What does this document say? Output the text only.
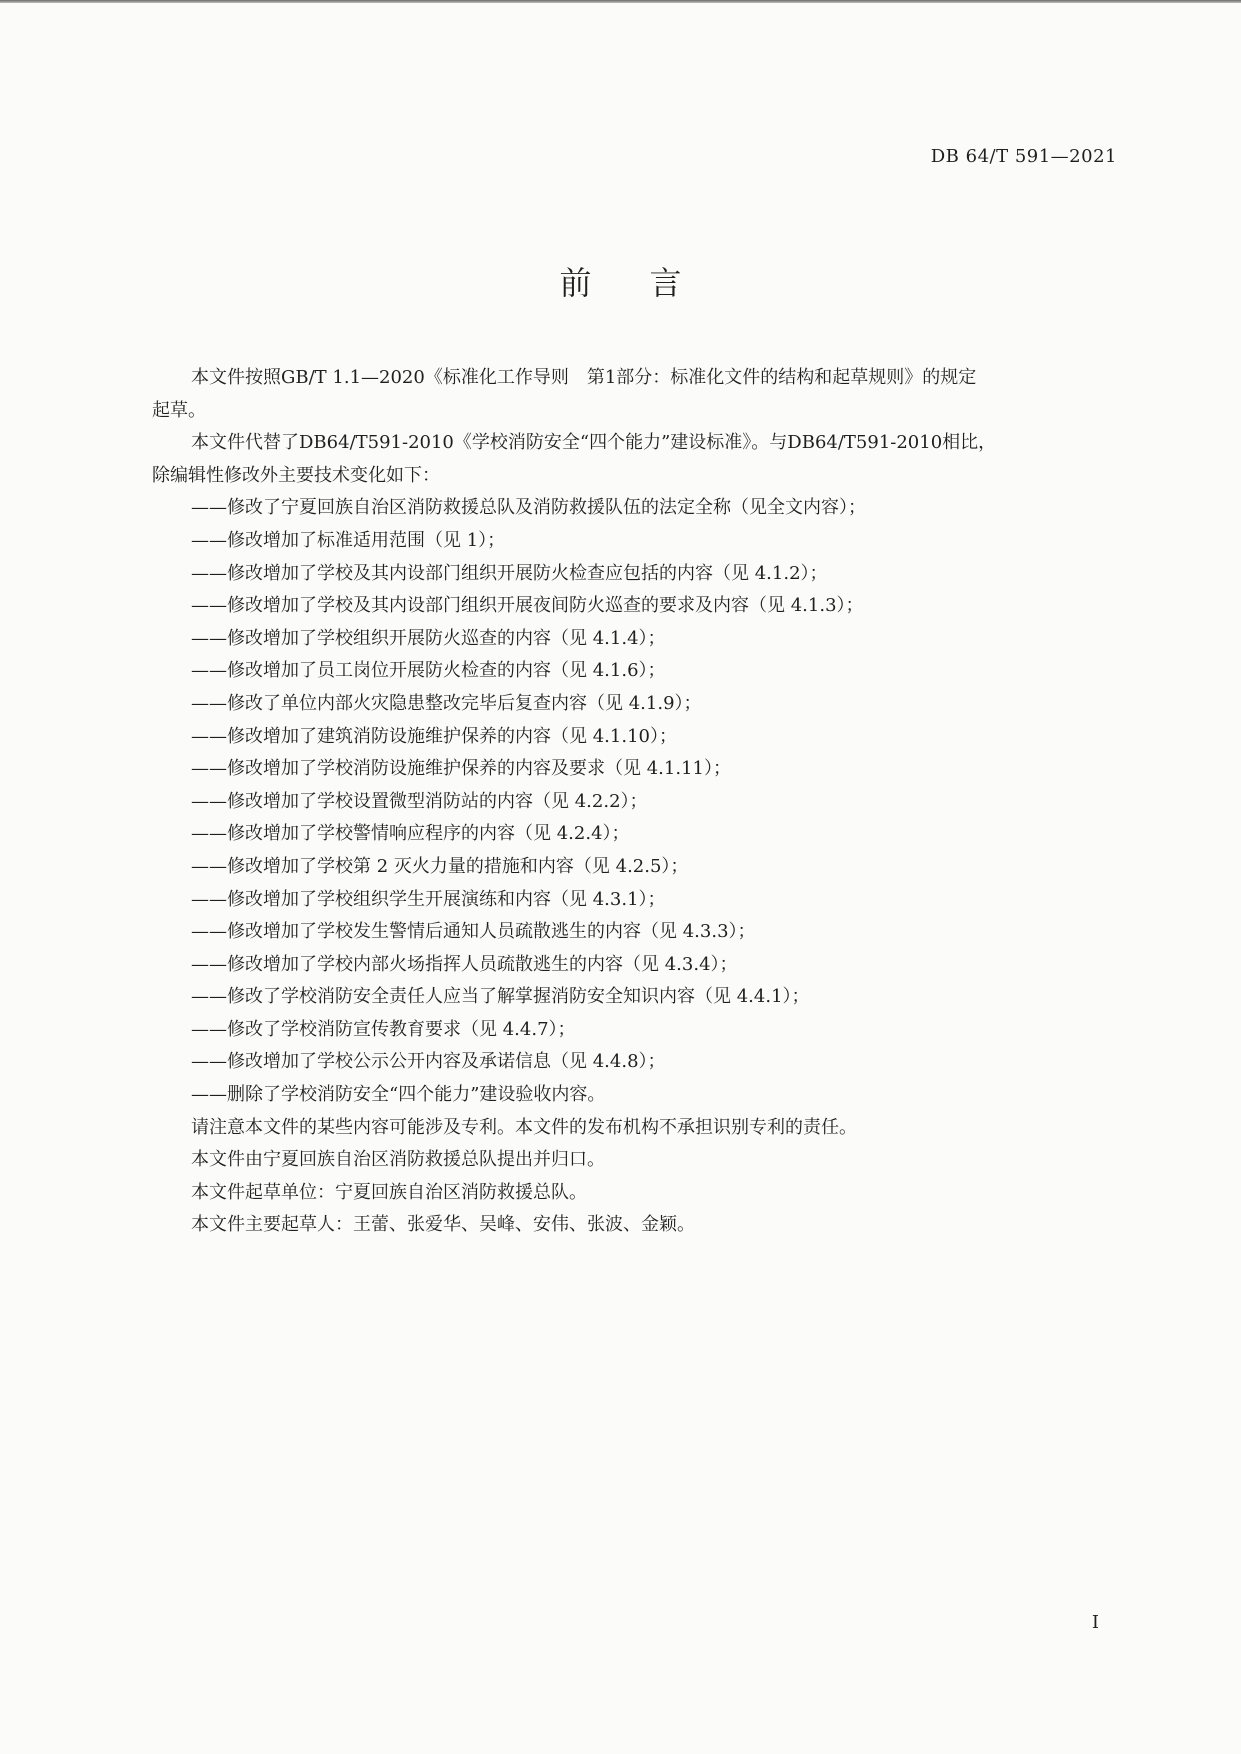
DB 64/T 591—2021
前言

本文件按照GB/T 1.1—2020《标准化工作导则　第1部分：标准化文件的结构和起草规则》的规定

起草。

本文件代替了DB64/T591-2010《学校消防安全“四个能力”建设标准》。与DB64/T591-2010相比，

除编辑性修改外主要技术变化如下：

——修改了宁夏回族自治区消防救援总队及消防救援队伍的法定全称（见全文内容）；

——修改增加了标准适用范围（见 1）；

——修改增加了学校及其内设部门组织开展防火检查应包括的内容（见 4.1.2）；

——修改增加了学校及其内设部门组织开展夜间防火巡查的要求及内容（见 4.1.3）；

——修改增加了学校组织开展防火巡查的内容（见 4.1.4）；

——修改增加了员工岗位开展防火检查的内容（见 4.1.6）；

——修改了单位内部火灾隐患整改完毕后复查内容（见 4.1.9）；

——修改增加了建筑消防设施维护保养的内容（见 4.1.10）；

——修改增加了学校消防设施维护保养的内容及要求（见 4.1.11）；

——修改增加了学校设置微型消防站的内容（见 4.2.2）；

——修改增加了学校警情响应程序的内容（见 4.2.4）；

——修改增加了学校第 2 灭火力量的措施和内容（见 4.2.5）；

——修改增加了学校组织学生开展演练和内容（见 4.3.1）；

——修改增加了学校发生警情后通知人员疏散逃生的内容（见 4.3.3）；

——修改增加了学校内部火场指挥人员疏散逃生的内容（见 4.3.4）；

——修改了学校消防安全责任人应当了解掌握消防安全知识内容（见 4.4.1）；

——修改了学校消防宣传教育要求（见 4.4.7）；

——修改增加了学校公示公开内容及承诺信息（见 4.4.8）；

——删除了学校消防安全“四个能力”建设验收内容。

请注意本文件的某些内容可能涉及专利。本文件的发布机构不承担识别专利的责任。

本文件由宁夏回族自治区消防救援总队提出并归口。

本文件起草单位：宁夏回族自治区消防救援总队。

本文件主要起草人：王蕾、张爱华、吴峰、安伟、张波、金颖。

I
